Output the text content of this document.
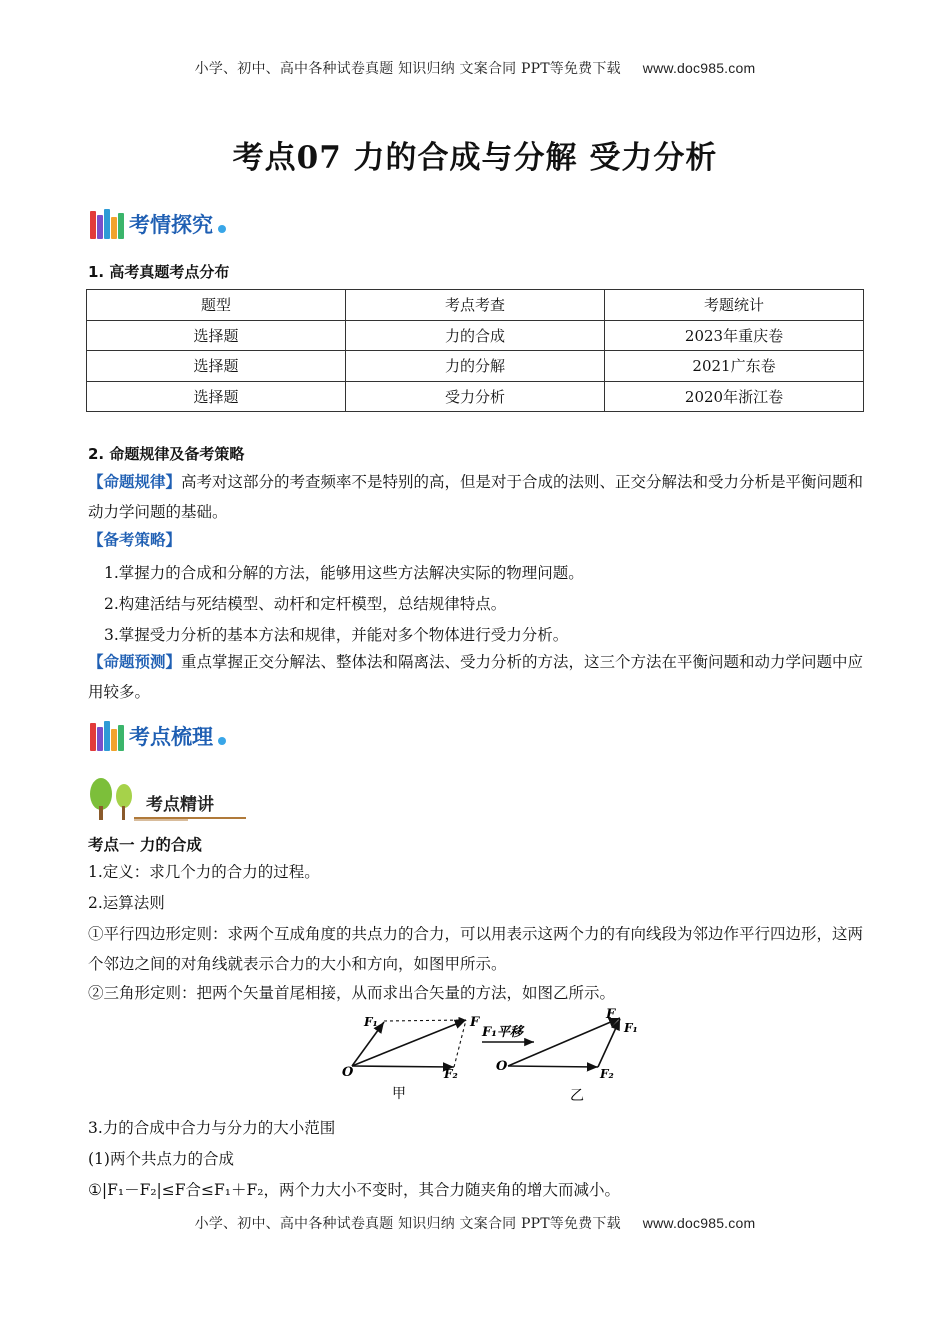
小学、初中、高中各种试卷真题 知识归纳 文案合同 PPT等免费下载 www.doc985.com
考点07 力的合成与分解 受力分析
考情探究
1. 高考真题考点分布
题型	考点考查	考题统计
选择题	力的合成	2023年重庆卷
选择题	力的分解	2021广东卷
选择题	受力分析	2020年浙江卷
2. 命题规律及备考策略
【命题规律】高考对这部分的考查频率不是特别的高，但是对于合成的法则、正交分解法和受力分析是平衡问题和动力学问题的基础。
【备考策略】
1.掌握力的合成和分解的方法，能够用这些方法解决实际的物理问题。
2.构建活结与死结模型、动杆和定杆模型，总结规律特点。
3.掌握受力分析的基本方法和规律，并能对多个物体进行受力分析。
【命题预测】重点掌握正交分解法、整体法和隔离法、受力分析的方法，这三个方法在平衡问题和动力学问题中应用较多。
考点梳理
考点精讲
考点一 力的合成
1.定义：求几个力的合力的过程。
2.运算法则
①平行四边形定则：求两个互成角度的共点力的合力，可以用表示这两个力的有向线段为邻边作平行四边形，这两个邻边之间的对角线就表示合力的大小和方向，如图甲所示。
②三角形定则：把两个矢量首尾相接，从而求出合矢量的方法，如图乙所示。
O
F₁	F
F₂
甲
F₁平移
O
F
F₁
F₂
乙
3.力的合成中合力与分力的大小范围
(1)两个共点力的合成
①|F₁－F₂|≤F合≤F₁＋F₂，两个力大小不变时，其合力随夹角的增大而减小。
小学、初中、高中各种试卷真题 知识归纳 文案合同 PPT等免费下载 www.doc985.com
